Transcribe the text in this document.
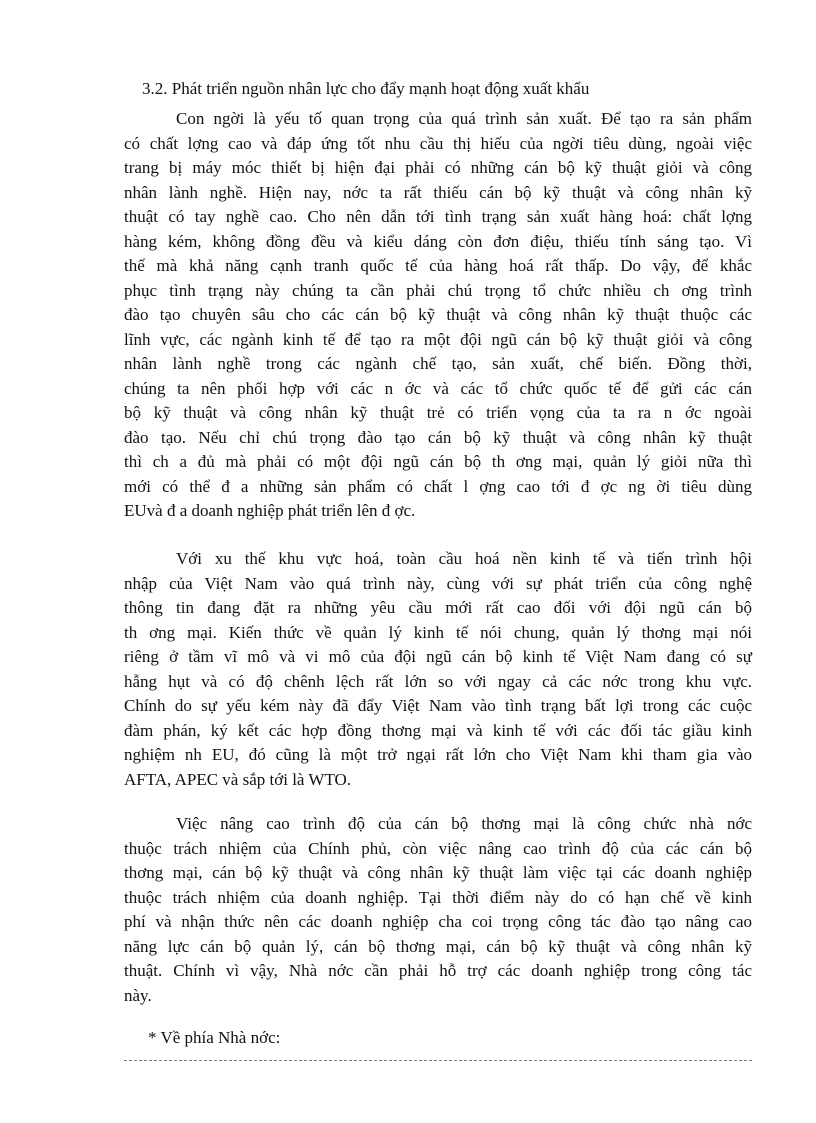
3.2. Phát triển nguồn nhân lực cho đẩy mạnh hoạt động xuất khẩu
Con ngời là yếu tố quan trọng của quá trình sản xuất. Để tạo ra sản phẩm
có chất lợng cao và đáp ứng tốt nhu cầu thị hiếu của ngời tiêu dùng, ngoài việc
trang bị máy móc thiết bị hiện đại phải có những cán bộ kỹ thuật giỏi và công
nhân lành nghề. Hiện nay, nớc ta rất thiếu cán bộ kỹ thuật và công nhân kỹ
thuật có tay nghề cao. Cho nên dẫn tới tình trạng sản xuất hàng hoá: chất lợng
hàng kém, không đồng đều và kiểu dáng còn đơn điệu, thiếu tính sáng tạo. Vì
thế mà khả năng cạnh tranh quốc tế của hàng hoá rất thấp. Do vậy, để khắc
phục tình trạng này chúng ta cần phải chú trọng tổ chức nhiều ch ơng trình
đào tạo chuyên sâu cho các cán bộ kỹ thuật và công nhân kỹ thuật thuộc các
lĩnh vực, các ngành kinh tế để tạo ra một đội ngũ cán bộ kỹ thuật giỏi và công
nhân lành nghề trong các ngành chế tạo, sản xuất, chế biến. Đồng thời,
chúng ta nên phối hợp với các n ớc và các tổ chức quốc tế để gửi các cán
bộ kỹ thuật và công nhân kỹ thuật trẻ có triển vọng của ta ra n ớc ngoài
đào tạo. Nếu chỉ chú trọng đào tạo cán bộ kỹ thuật và công nhân kỹ thuật
thì ch a đủ mà phải có một đội ngũ cán bộ th ơng mại, quản lý giỏi nữa thì
mới có thể đ a những sản phẩm có chất l ợng cao tới đ ợc ng ời tiêu dùng
EUvà đ a doanh nghiệp phát triển lên đ ợc.
Với xu thế khu vực hoá, toàn cầu hoá nền kinh tế và tiến trình hội
nhập của Việt Nam vào quá trình này, cùng với sự phát triển của công nghệ
thông tin đang đặt ra những yêu cầu mới rất cao đối với đội ngũ cán bộ
th ơng mại. Kiến thức về quản lý kinh tế nói chung, quản lý thơng mại nói
riêng ở tầm vĩ mô và vi mô của đội ngũ cán bộ kinh tế Việt Nam đang có sự
hẫng hụt và có độ chênh lệch rất lớn so với ngay cả các nớc trong khu vực.
Chính do sự yếu kém này đã đẩy Việt Nam vào tình trạng bất lợi trong các cuộc
đàm phán, ký kết các hợp đồng thơng mại và kinh tế với các đối tác giầu kinh
nghiệm nh EU, đó cũng là một trở ngại rất lớn cho Việt Nam khi tham gia vào
AFTA, APEC và sắp tới là WTO.
Việc nâng cao trình độ của cán bộ thơng mại là công chức nhà nớc
thuộc trách nhiệm của Chính phủ, còn việc nâng cao trình độ của các cán bộ
thơng mại, cán bộ kỹ thuật và công nhân kỹ thuật làm việc tại các doanh nghiệp
thuộc trách nhiệm của doanh nghiệp. Tại thời điểm này do có hạn chế về kinh
phí và nhận thức nên các doanh nghiệp cha coi trọng công tác đào tạo nâng cao
năng lực cán bộ quản lý, cán bộ thơng mại, cán bộ kỹ thuật và công nhân kỹ
thuật. Chính vì vậy, Nhà nớc cần phải hỗ trợ các doanh nghiệp trong công tác
này.
* Về phía Nhà nớc:
